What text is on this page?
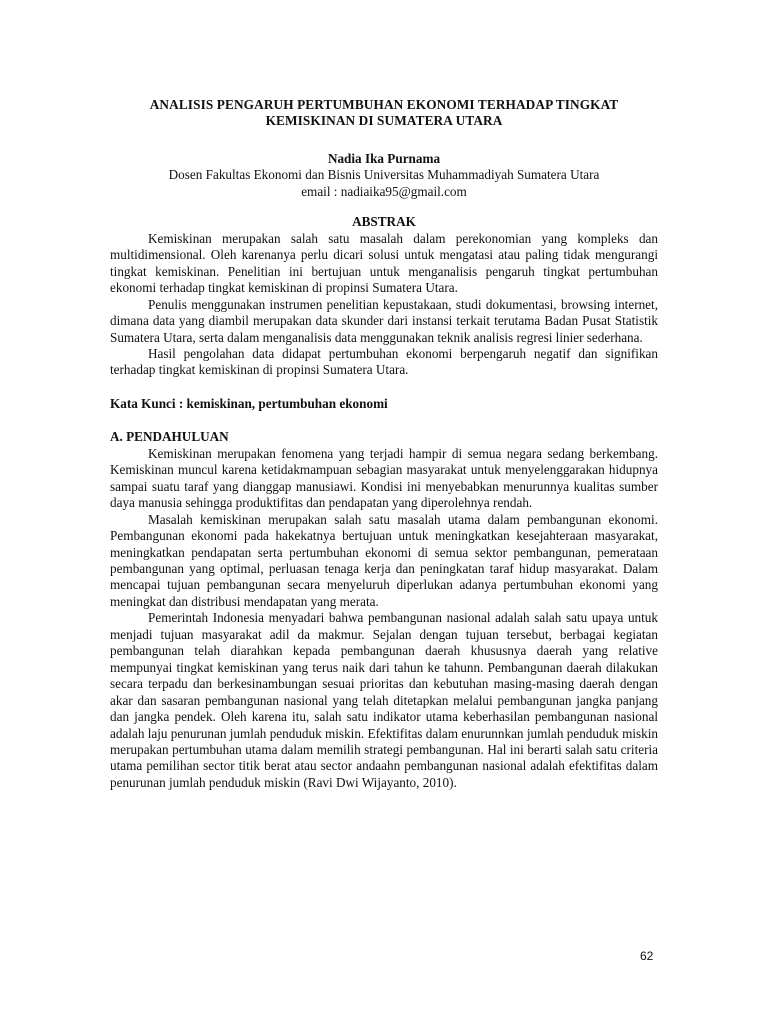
ANALISIS PENGARUH PERTUMBUHAN EKONOMI TERHADAP TINGKAT
KEMISKINAN DI SUMATERA UTARA
Nadia Ika Purnama
Dosen Fakultas Ekonomi dan Bisnis Universitas Muhammadiyah Sumatera Utara
email : nadiaika95@gmail.com
ABSTRAK

Kemiskinan merupakan salah satu masalah dalam perekonomian yang kompleks dan multidimensional. Oleh karenanya perlu dicari solusi untuk mengatasi atau paling tidak mengurangi tingkat kemiskinan. Penelitian ini bertujuan untuk menganalisis pengaruh tingkat pertumbuhan ekonomi terhadap tingkat kemiskinan di propinsi Sumatera Utara.

Penulis menggunakan instrumen penelitian kepustakaan, studi dokumentasi, browsing internet, dimana data yang diambil merupakan data skunder dari instansi terkait terutama Badan Pusat Statistik Sumatera Utara, serta dalam menganalisis data menggunakan teknik analisis regresi linier sederhana.

Hasil pengolahan data didapat pertumbuhan ekonomi berpengaruh negatif dan signifikan terhadap tingkat kemiskinan di propinsi Sumatera Utara.

Kata Kunci : kemiskinan, pertumbuhan ekonomi
A. PENDAHULUAN

Kemiskinan merupakan fenomena yang terjadi hampir di semua negara sedang berkembang. Kemiskinan muncul karena ketidakmampuan sebagian masyarakat untuk menyelenggarakan hidupnya sampai suatu taraf yang dianggap manusiawi. Kondisi ini menyebabkan menurunnya kualitas sumber daya manusia sehingga produktifitas dan pendapatan yang diperolehnya rendah.

Masalah kemiskinan merupakan salah satu masalah utama dalam pembangunan ekonomi. Pembangunan ekonomi pada hakekatnya bertujuan untuk meningkatkan kesejahteraan masyarakat, meningkatkan pendapatan serta pertumbuhan ekonomi di semua sektor pembangunan, pemerataan pembangunan yang optimal, perluasan tenaga kerja dan peningkatan taraf hidup masyarakat. Dalam mencapai tujuan pembangunan secara menyeluruh diperlukan adanya pertumbuhan ekonomi yang meningkat dan distribusi mendapatan yang merata.

Pemerintah Indonesia menyadari bahwa pembangunan nasional adalah salah satu upaya untuk menjadi tujuan masyarakat adil da makmur. Sejalan dengan tujuan tersebut, berbagai kegiatan pembangunan telah diarahkan kepada pembangunan daerah khususnya daerah yang relative mempunyai tingkat kemiskinan yang terus naik dari tahun ke tahunn. Pembangunan daerah dilakukan secara terpadu dan berkesinambungan sesuai prioritas dan kebutuhan masing-masing daerah dengan akar dan sasaran pembangunan nasional yang telah ditetapkan melalui pembangunan jangka panjang dan jangka pendek. Oleh karena itu, salah satu indikator utama keberhasilan pembangunan nasional adalah laju penurunan jumlah penduduk miskin. Efektifitas dalam enurunnkan jumlah penduduk miskin merupakan pertumbuhan utama dalam memilih strategi pembangunan. Hal ini berarti salah satu criteria utama pemilihan sector titik berat atau sector andaahn pembangunan nasional adalah efektifitas dalam penurunan jumlah penduduk miskin (Ravi Dwi Wijayanto, 2010).

62
